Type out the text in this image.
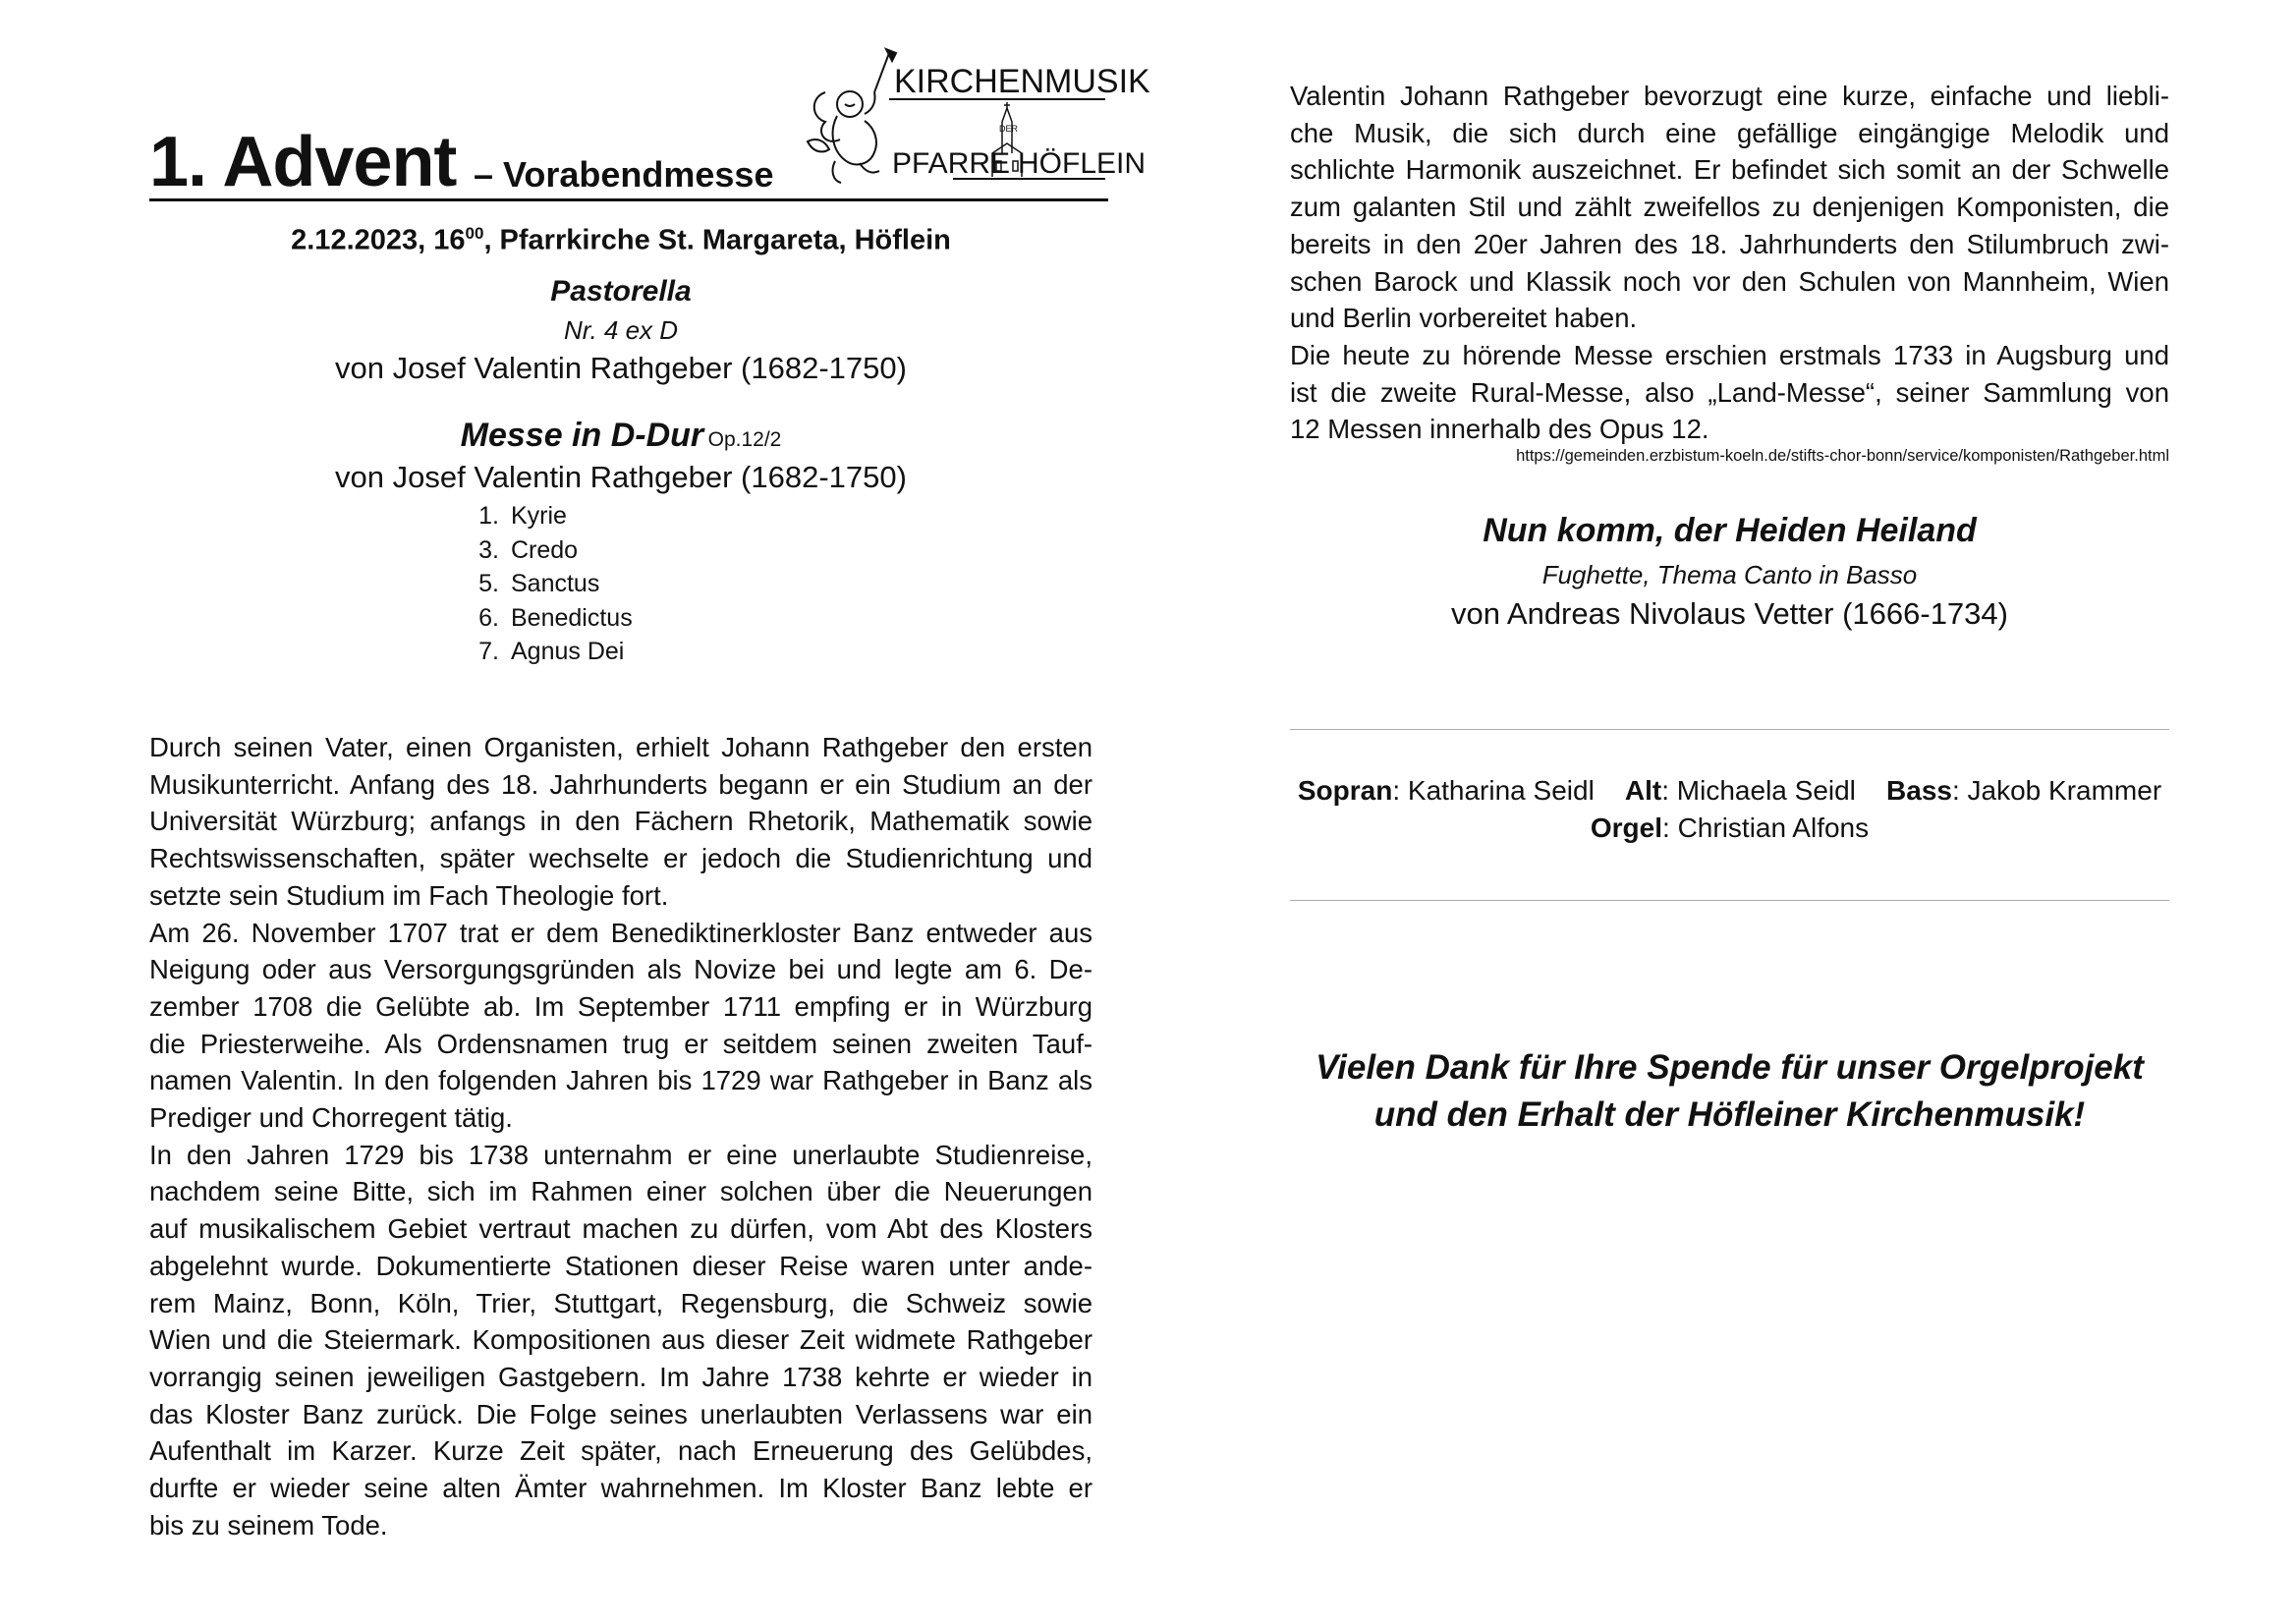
1. Advent – Vorabendmesse
KIRCHENMUSIK
PFARRE
DER
HÖFLEIN
2.12.2023, $16^{00}$, Pfarrkirche St. Margareta, Höflein
Pastorella
Nr. 4 ex D
von Josef Valentin Rathgeber (1682-1750)
Messe in D-Dur Op.12/2
von Josef Valentin Rathgeber (1682-1750)
1. Kyrie
3. Credo
5. Sanctus
6. Benedictus
7. Agnus Dei
Durch seinen Vater, einen Organisten, erhielt Johann Rathgeber den ersten
Musikunterricht. Anfang des 18. Jahrhunderts begann er ein Studium an der
Universität Würzburg; anfangs in den Fächern Rhetorik, Mathematik sowie
Rechtswissenschaften, später wechselte er jedoch die Studienrichtung und
setzte sein Studium im Fach Theologie fort.
Am 26. November 1707 trat er dem Benediktinerkloster Banz entweder aus
Neigung oder aus Versorgungsgründen als Novize bei und legte am 6. De-
zember 1708 die Gelübte ab. Im September 1711 empfing er in Würzburg
die Priesterweihe. Als Ordensnamen trug er seitdem seinen zweiten Tauf-
namen Valentin. In den folgenden Jahren bis 1729 war Rathgeber in Banz als
Prediger und Chorregent tätig.
In den Jahren 1729 bis 1738 unternahm er eine unerlaubte Studienreise,
nachdem seine Bitte, sich im Rahmen einer solchen über die Neuerungen
auf musikalischem Gebiet vertraut machen zu dürfen, vom Abt des Klosters
abgelehnt wurde. Dokumentierte Stationen dieser Reise waren unter ande-
rem Mainz, Bonn, Köln, Trier, Stuttgart, Regensburg, die Schweiz sowie
Wien und die Steiermark. Kompositionen aus dieser Zeit widmete Rathgeber
vorrangig seinen jeweiligen Gastgebern. Im Jahre 1738 kehrte er wieder in
das Kloster Banz zurück. Die Folge seines unerlaubten Verlassens war ein
Aufenthalt im Karzer. Kurze Zeit später, nach Erneuerung des Gelübdes,
durfte er wieder seine alten Ämter wahrnehmen. Im Kloster Banz lebte er
bis zu seinem Tode.
Valentin Johann Rathgeber bevorzugt eine kurze, einfache und liebli-
che Musik, die sich durch eine gefällige eingängige Melodik und
schlichte Harmonik auszeichnet. Er befindet sich somit an der Schwelle
zum galanten Stil und zählt zweifellos zu denjenigen Komponisten, die
bereits in den 20er Jahren des 18. Jahrhunderts den Stilumbruch zwi-
schen Barock und Klassik noch vor den Schulen von Mannheim, Wien
und Berlin vorbereitet haben.
Die heute zu hörende Messe erschien erstmals 1733 in Augsburg und
ist die zweite Rural-Messe, also „Land-Messe“, seiner Sammlung von
12 Messen innerhalb des Opus 12.
https://gemeinden.erzbistum-koeln.de/stifts-chor-bonn/service/komponisten/Rathgeber.html
Nun komm, der Heiden Heiland
Fughette, Thema Canto in Basso
von Andreas Nivolaus Vetter (1666-1734)
Sopran: Katharina Seidl Alt: Michaela Seidl Bass: Jakob Krammer
Orgel: Christian Alfons
Vielen Dank für Ihre Spende für unser Orgelprojekt
und den Erhalt der Höfleiner Kirchenmusik!
